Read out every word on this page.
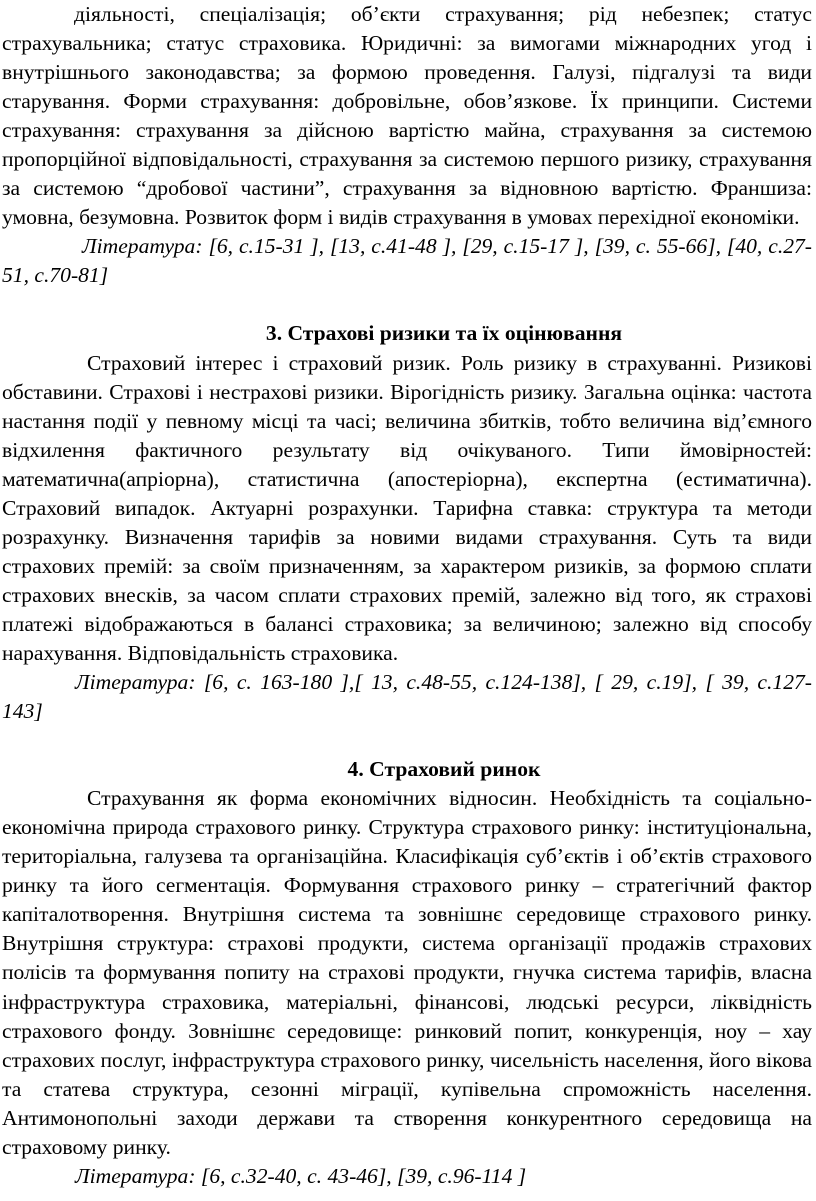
діяльності, спеціалізація; об’єкти страхування; рід небезпек; статус страхувальника; статус страховика. Юридичні: за вимогами міжнародних угод і внутрішнього законодавства; за формою проведення. Галузі, підгалузі та види старування. Форми страхування: добровільне, обов’язкове. Їх принципи. Системи страхування: страхування за дійсною вартістю майна, страхування за системою пропорційної відповідальності, страхування за системою першого ризику, страхування за системою “дробової частини”, страхування за відновною вартістю. Франшиза: умовна, безумовна. Розвиток форм і видів страхування в умовах перехідної економіки.

Література: [6, с.15-31 ], [13, с.41-48 ], [29, с.15-17 ], [39, с. 55-66], [40, с.27-51, с.70-81]

3. Страхові ризики та їх оцінювання

Страховий інтерес і страховий ризик. Роль ризику в страхуванні. Ризикові обставини. Страхові і нестрахові ризики. Вірогідність ризику. Загальна оцінка: частота настання події у певному місці та часі; величина збитків, тобто величина від’ємного відхилення фактичного результату від очікуваного. Типи ймовірностей: математична(апріорна), статистична (апостеріорна), експертна (естиматична). Страховий випадок. Актуарні розрахунки. Тарифна ставка: структура та методи розрахунку. Визначення тарифів за новими видами страхування. Суть та види страхових премій: за своїм призначенням, за характером ризиків, за формою сплати страхових внесків, за часом сплати страхових премій, залежно від того, як страхові платежі відображаються в балансі страховика; за величиною; залежно від способу нарахування. Відповідальність страховика.

Література: [6, с. 163-180 ],[ 13, с.48-55, с.124-138], [ 29, с.19], [ 39, с.127-143]

4. Страховий ринок

Страхування як форма економічних відносин. Необхідність та соціально-економічна природа страхового ринку. Структура страхового ринку: інституціональна, територіальна, галузева та організаційна. Класифікація суб’єктів і об’єктів страхового ринку та його сегментація. Формування страхового ринку – стратегічний фактор капіталотворення. Внутрішня система та зовнішнє середовище страхового ринку. Внутрішня структура: страхові продукти, система організації продажів страхових полісів та формування попиту на страхові продукти, гнучка система тарифів, власна інфраструктура страховика, матеріальні, фінансові, людські ресурси, ліквідність страхового фонду. Зовнішнє середовище: ринковий попит, конкуренція, ноу – хау страхових послуг, інфраструктура страхового ринку, чисельність населення, його вікова та статева структура, сезонні міграції, купівельна спроможність населення. Антимонопольні заходи держави та створення конкурентного середовища на страховому ринку.

Література: [6, с.32-40, с. 43-46], [39, с.96-114 ]
